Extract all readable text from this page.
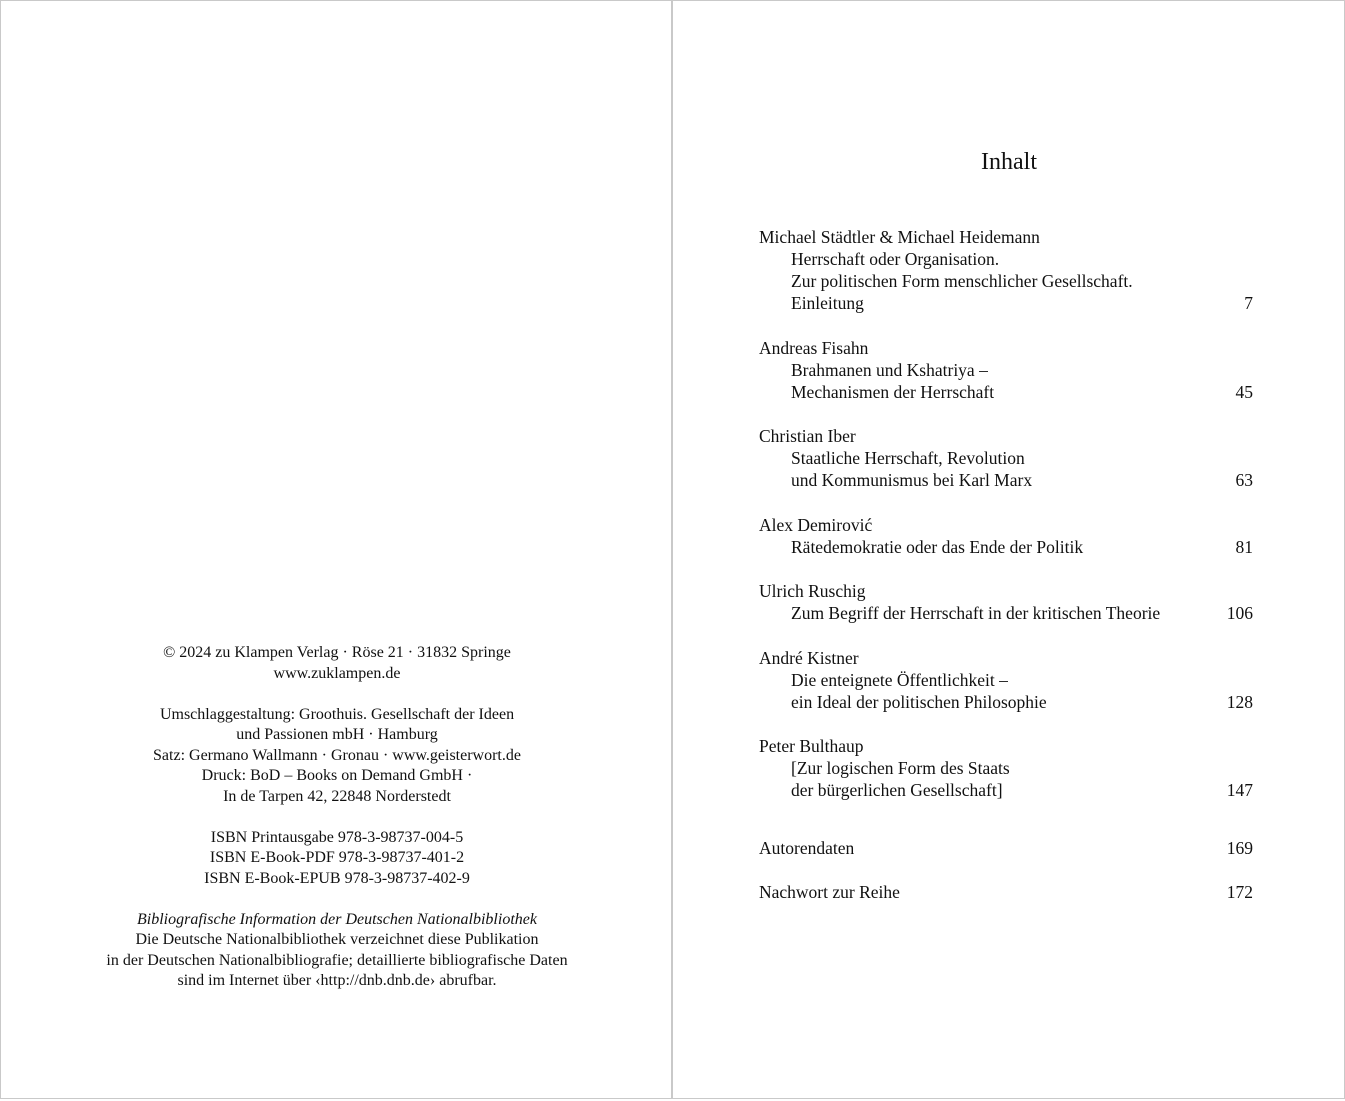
© 2024 zu Klampen Verlag · Röse 21 · 31832 Springe
www.zuklampen.de
Umschlaggestaltung: Groothuis. Gesellschaft der Ideen
und Passionen mbH · Hamburg
Satz: Germano Wallmann · Gronau · www.geisterwort.de
Druck: BoD – Books on Demand GmbH ·
In de Tarpen 42, 22848 Norderstedt
ISBN Printausgabe 978-3-98737-004-5
ISBN E-Book-PDF 978-3-98737-401-2
ISBN E-Book-EPUB 978-3-98737-402-9
Bibliografische Information der Deutschen Nationalbibliothek
Die Deutsche Nationalbibliothek verzeichnet diese Publikation
in der Deutschen Nationalbibliografie; detaillierte bibliografische Daten
sind im Internet über ‹http://dnb.dnb.de› abrufbar.
Inhalt
Michael Städtler & Michael Heidemann
Herrschaft oder Organisation.
Zur politischen Form menschlicher Gesellschaft.
Einleitung	7
Andreas Fisahn
Brahmanen und Kshatriya –
Mechanismen der Herrschaft	45
Christian Iber
Staatliche Herrschaft, Revolution
und Kommunismus bei Karl Marx	63
Alex Demirović
Rätedemokratie oder das Ende der Politik	81
Ulrich Ruschig
Zum Begriff der Herrschaft in der kritischen Theorie	106
André Kistner
Die enteignete Öffentlichkeit –
ein Ideal der politischen Philosophie	128
Peter Bulthaup
[Zur logischen Form des Staats
der bürgerlichen Gesellschaft]	147
Autorendaten	169
Nachwort zur Reihe	172
